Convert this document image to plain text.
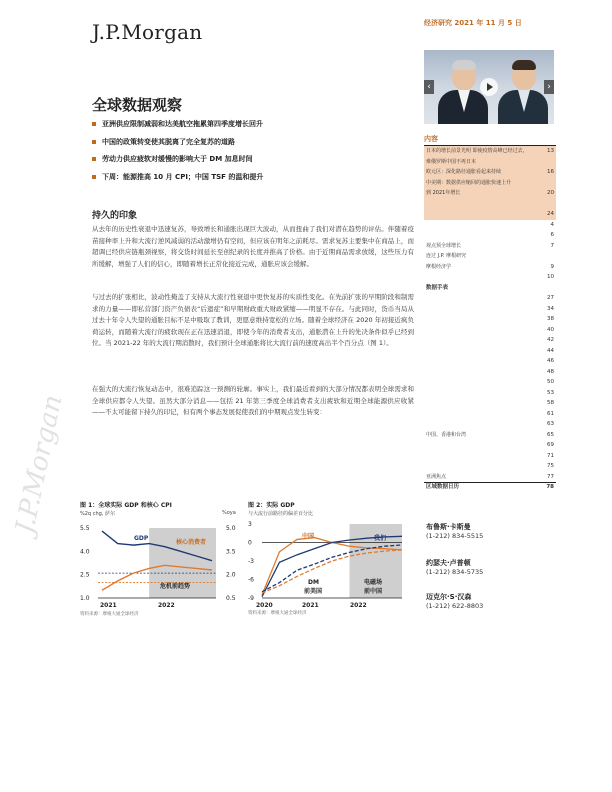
J.P.Morgan	经济研究 2021 年 11 月 5 日
‹	›
内容
日本的增长前景光明 即使疫情高峰已经过去，	13
难俄罗斯中国不再日本
欧元区：深化路径通胀看起来持续	16
中美期：数据供应缩回的通胀快速上升
到 2021年增长	20
24
4
6
观点预全球增长	7
连过 J.P. 摩根研究
摩根经济学	9
10
数据手表
27
34
38
40
42
44
46
48
50
53
58
61
63
中国、香港和台湾	65
69
71
75
亚洲焦点	77
区域数据日历	78
全球数据观察
亚洲供应限制减弱和达美航空拖累第四季度增长回升
中国的政策转变使其脱离了完全复苏的道路
劳动力供应疲软对缓慢的影响大于 DM 加息时间
下周：能源推高 10 月 CPI；中国 TSF 的温和提升
持久的印象
从去年的历史性衰退中迅速复苏，导致增长和通胀出现巨大波动，从而扭曲了我们对潜在趋势的评估。伴随着疫苗接种率上升和大流行逆风减弱的活动激增仍有空间，但应该在明年之前耗尽。需求复苏主要集中在商品上，而超调已经供应链瓶颈视察，将交货时间延长至创纪录的长度并推高了价格。由于近期商品需求放缓，这些压力有所缓解，增强了人们的信心，即随着增长正常化接近完成，通胀应该会缓解。
与过去的扩张相比，波动性掩盖了支持从大流行性衰退中更快复苏的实质性变化。在先前扩张的早期阶段和制需求的力量——即私营部门资产负债表“后遗症”和早期财政重大财政紧缩——明显不存在。与此同时，货币当局从过去十年令人失望的通胀目标不足中吸取了教训，更愿意维持宽松的立场。随着全球经济在 2020 年初接近疯负荷运转，而随着大流行的疲软现在正在迅速消退，即使今年的消费者支出，通胀潜在上升的先决条件似乎已经到位。当 2021-22 年的大流行期消散时，我们预计全球通胀将比大流行前的速度高出半个百分点（图 1）。
在强大的大流行恢复动态中，很难追踪这一预测的轮廓。事实上，我们最近看到的大部分情况都表明全球需求和全球供应都令人失望。虽然大部分消息——包括 21 年第三季度全球消费者支出疲软和近期全球能源供应收紧——不太可能留下持久的印记，但有两个事态发展促使我们的中期观点发生转变：
J.P.Morgan 图 1：全球实际 GDP 和核心 CPI
%2q chg, 萨尔	%oya
5.5
4.0
2.5
1.0
5.0
3.5
2.0
0.5
2021	2022
GDP
核心消费者
危机前趋势
资料来源：摩根大通全球经济
图 2：实际 GDP
与大流行前路径的偏差百分比
3
0
-3
-6
-9
2020	2021	2022
中国	我们
DM
前美国
电磁场
前中国
资料来源：摩根大通全球经济
布鲁斯·卡斯曼
(1-212) 834-5515
约瑟夫·卢普顿
(1-212) 834-5735
迈克尔·S·汉森
(1-212) 622-8803
